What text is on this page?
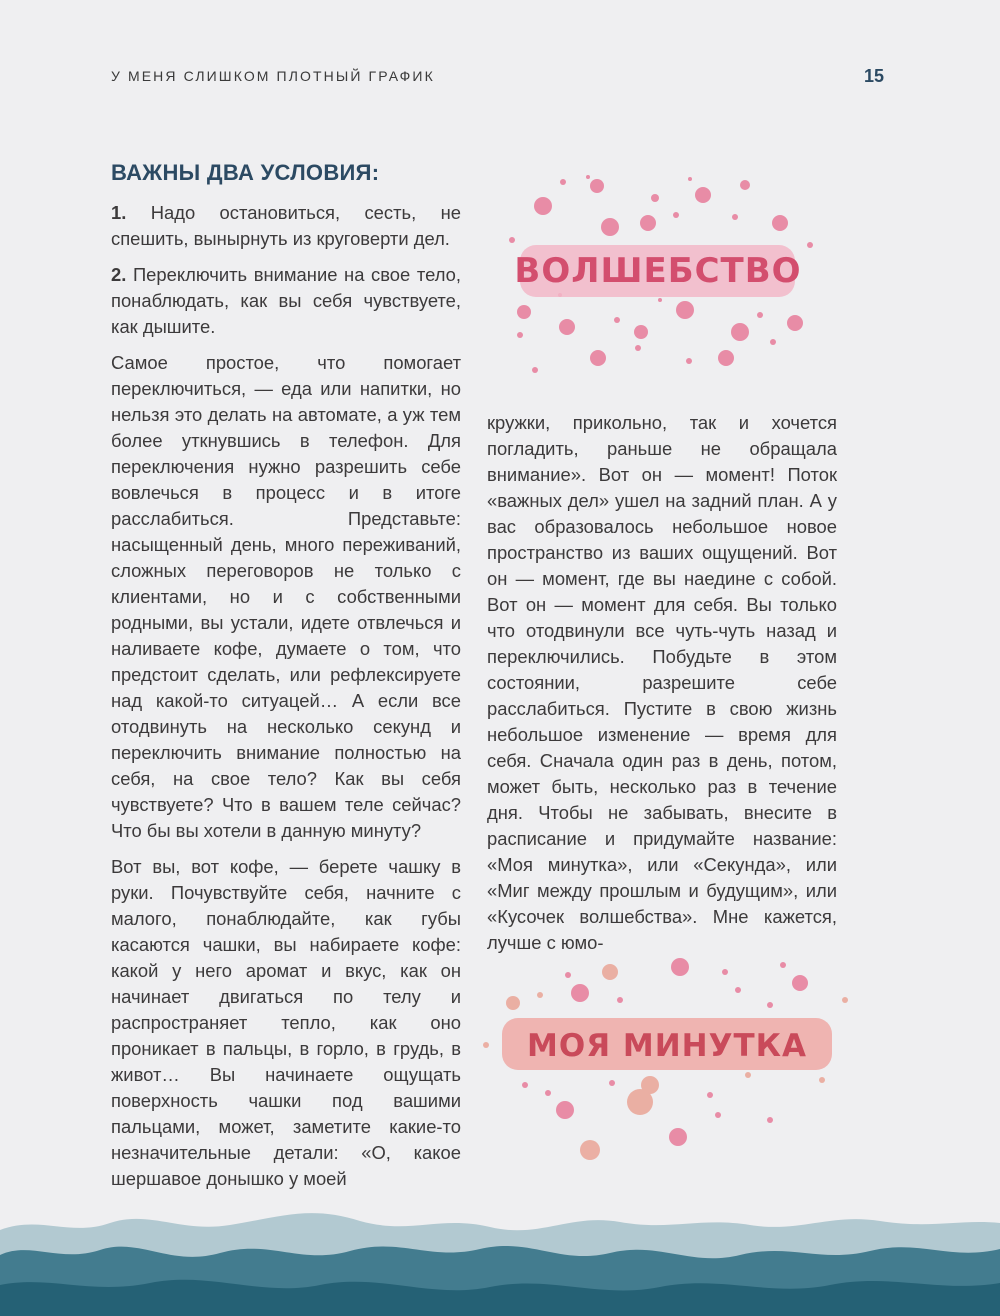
У МЕНЯ СЛИШКОМ ПЛОТНЫЙ ГРАФИК	15
ВАЖНЫ ДВА УСЛОВИЯ:

1. Надо остановиться, сесть, не спешить, вынырнуть из круговерти дел.

2. Переключить внимание на свое тело, понаблюдать, как вы себя чувствуете, как дышите.

Самое простое, что помогает переключиться, — еда или напитки, но нельзя это делать на автомате, а уж тем более уткнувшись в телефон. Для переключения нужно разрешить себе вовлечься в процесс и в итоге расслабиться. Представьте: насыщенный день, много переживаний, сложных переговоров не только с клиентами, но и с собственными родными, вы устали, идете отвлечься и наливаете кофе, думаете о том, что предстоит сделать, или рефлексируете над какой-то ситуацей… А если все отодвинуть на несколько секунд и переключить внимание полностью на себя, на свое тело? Как вы себя чувствуете? Что в вашем теле сейчас? Что бы вы хотели в данную минуту?

Вот вы, вот кофе, — берете чашку в руки. Почувствуйте себя, начните с малого, понаблюдайте, как губы касаются чашки, вы набираете кофе: какой у него аромат и вкус, как он начинает двигаться по телу и распространяет тепло, как оно проникает в пальцы, в горло, в грудь, в живот… Вы начинаете ощущать поверхность чашки под вашими пальцами, может, заметите какие-то незначительные детали: «О, какое шершавое донышко у моей

кружки, прикольно, так и хочется погладить, раньше не обращала внимание». Вот он — момент! Поток «важных дел» ушел на задний план. А у вас образовалось небольшое новое пространство из ваших ощущений. Вот он — момент, где вы наедине с собой. Вот он — момент для себя. Вы только что отодвинули все чуть-чуть назад и переключились. Побудьте в этом состоянии, разрешите себе расслабиться. Пустите в свою жизнь небольшое изменение — время для себя. Сначала один раз в день, потом, может быть, несколько раз в течение дня. Чтобы не забывать, внесите в расписание и придумайте название: «Моя минутка», или «Секунда», или «Миг между прошлым и будущим», или «Кусочек волшебства». Мне кажется, лучше с юмо-

ВОЛШЕБСТВО
МОЯ МИНУТКА
